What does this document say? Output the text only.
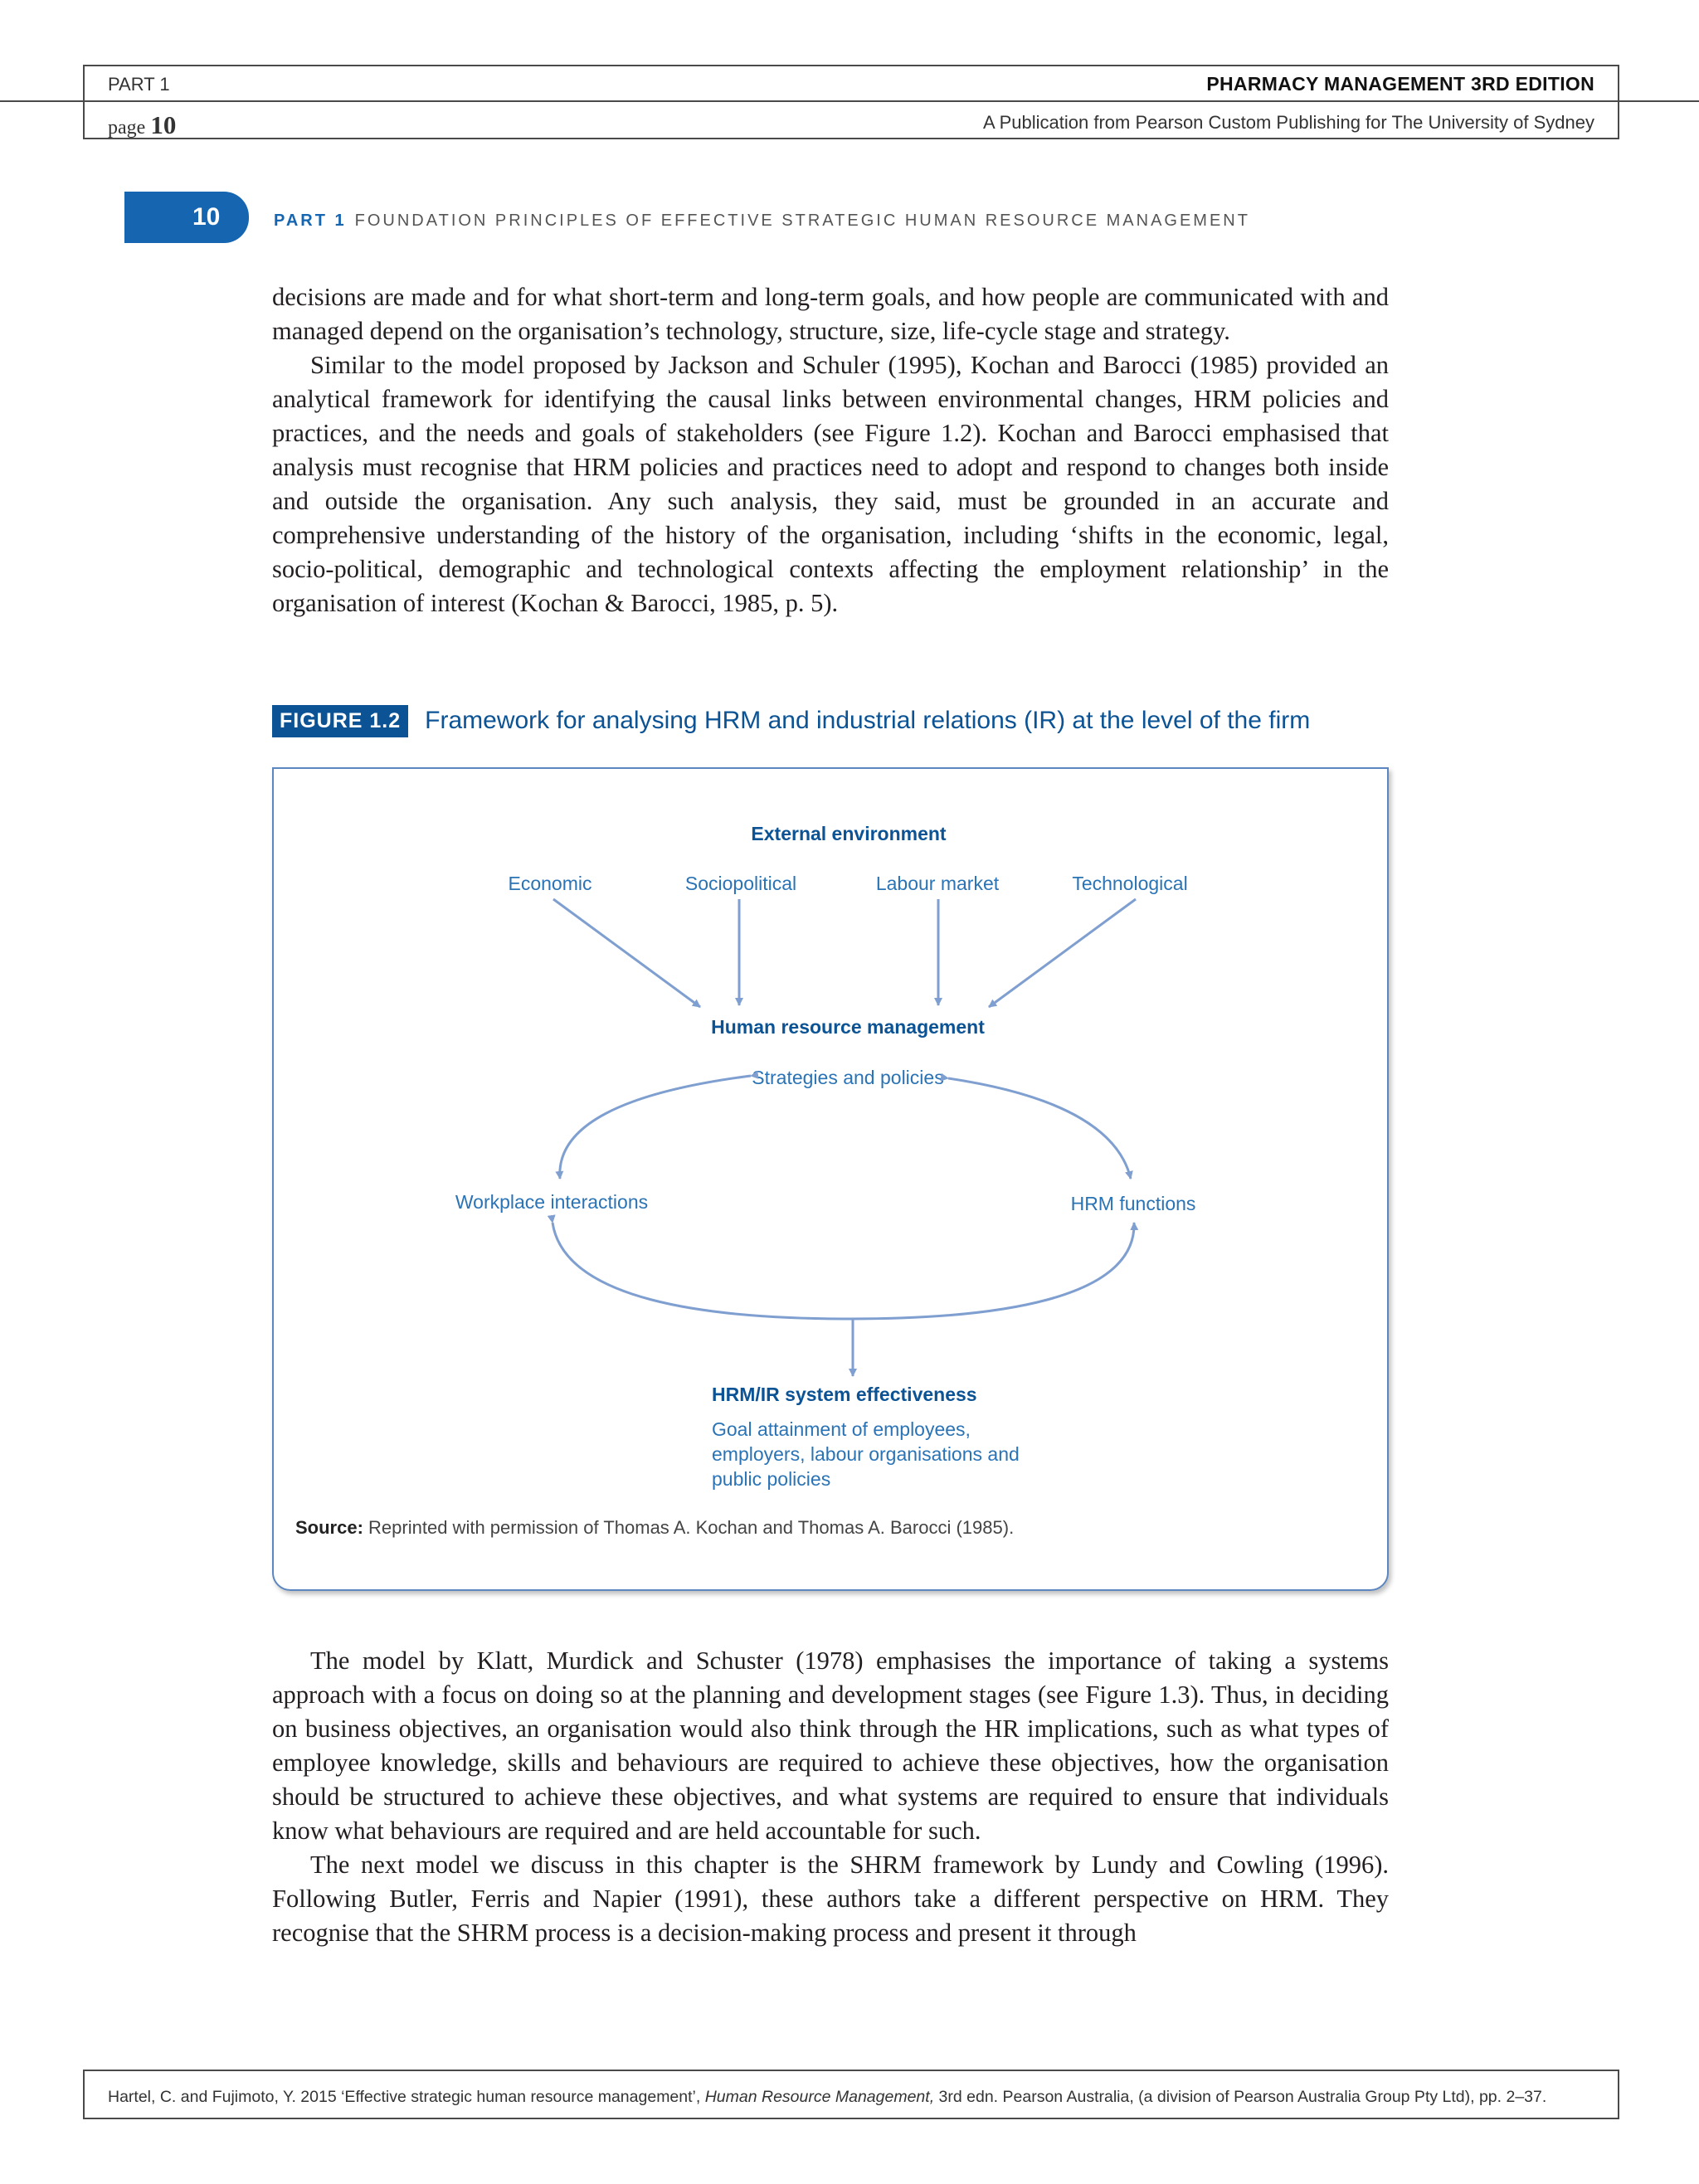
PART 1	PHARMACY MANAGEMENT 3RD EDITION
page 10	A Publication from Pearson Custom Publishing for The University of Sydney
10	PART 1 FOUNDATION PRINCIPLES OF EFFECTIVE STRATEGIC HUMAN RESOURCE MANAGEMENT

decisions are made and for what short-term and long-term goals, and how people are communicated with and managed depend on the organisation’s technology, structure, size, life-cycle stage and strategy.

Similar to the model proposed by Jackson and Schuler (1995), Kochan and Barocci (1985) provided an analytical framework for identifying the causal links between environmental changes, HRM policies and practices, and the needs and goals of stakeholders (see Figure 1.2). Kochan and Barocci emphasised that analysis must recognise that HRM policies and practices need to adopt and respond to changes both inside and outside the organisation. Any such analysis, they said, must be grounded in an accurate and comprehensive understanding of the history of the organisation, including ‘shifts in the economic, legal, socio-political, demographic and technological contexts affecting the employment relationship’ in the organisation of interest (Kochan & Barocci, 1985, p. 5).

FIGURE 1.2 Framework for analysing HRM and industrial relations (IR) at the level of the firm
External environment
Economic	Sociopolitical	Labour market	Technological
Human resource management
Strategies and policies
Workplace interactions	HRM functions
HRM/IR system effectiveness
Goal attainment of employees,
employers, labour organisations and
public policies
Source: Reprinted with permission of Thomas A. Kochan and Thomas A. Barocci (1985).

The model by Klatt, Murdick and Schuster (1978) emphasises the importance of taking a systems approach with a focus on doing so at the planning and development stages (see Figure 1.3). Thus, in deciding on business objectives, an organisation would also think through the HR implications, such as what types of employee knowledge, skills and behaviours are required to achieve these objectives, how the organisation should be structured to achieve these objectives, and what systems are required to ensure that individuals know what behaviours are required and are held accountable for such.

The next model we discuss in this chapter is the SHRM framework by Lundy and Cowling (1996). Following Butler, Ferris and Napier (1991), these authors take a different perspective on HRM. They recognise that the SHRM process is a decision-making process and present it through

Hartel, C. and Fujimoto, Y. 2015 ‘Effective strategic human resource management’, Human Resource Management, 3rd edn. Pearson Australia, (a division of Pearson Australia Group Pty Ltd), pp. 2–37.
